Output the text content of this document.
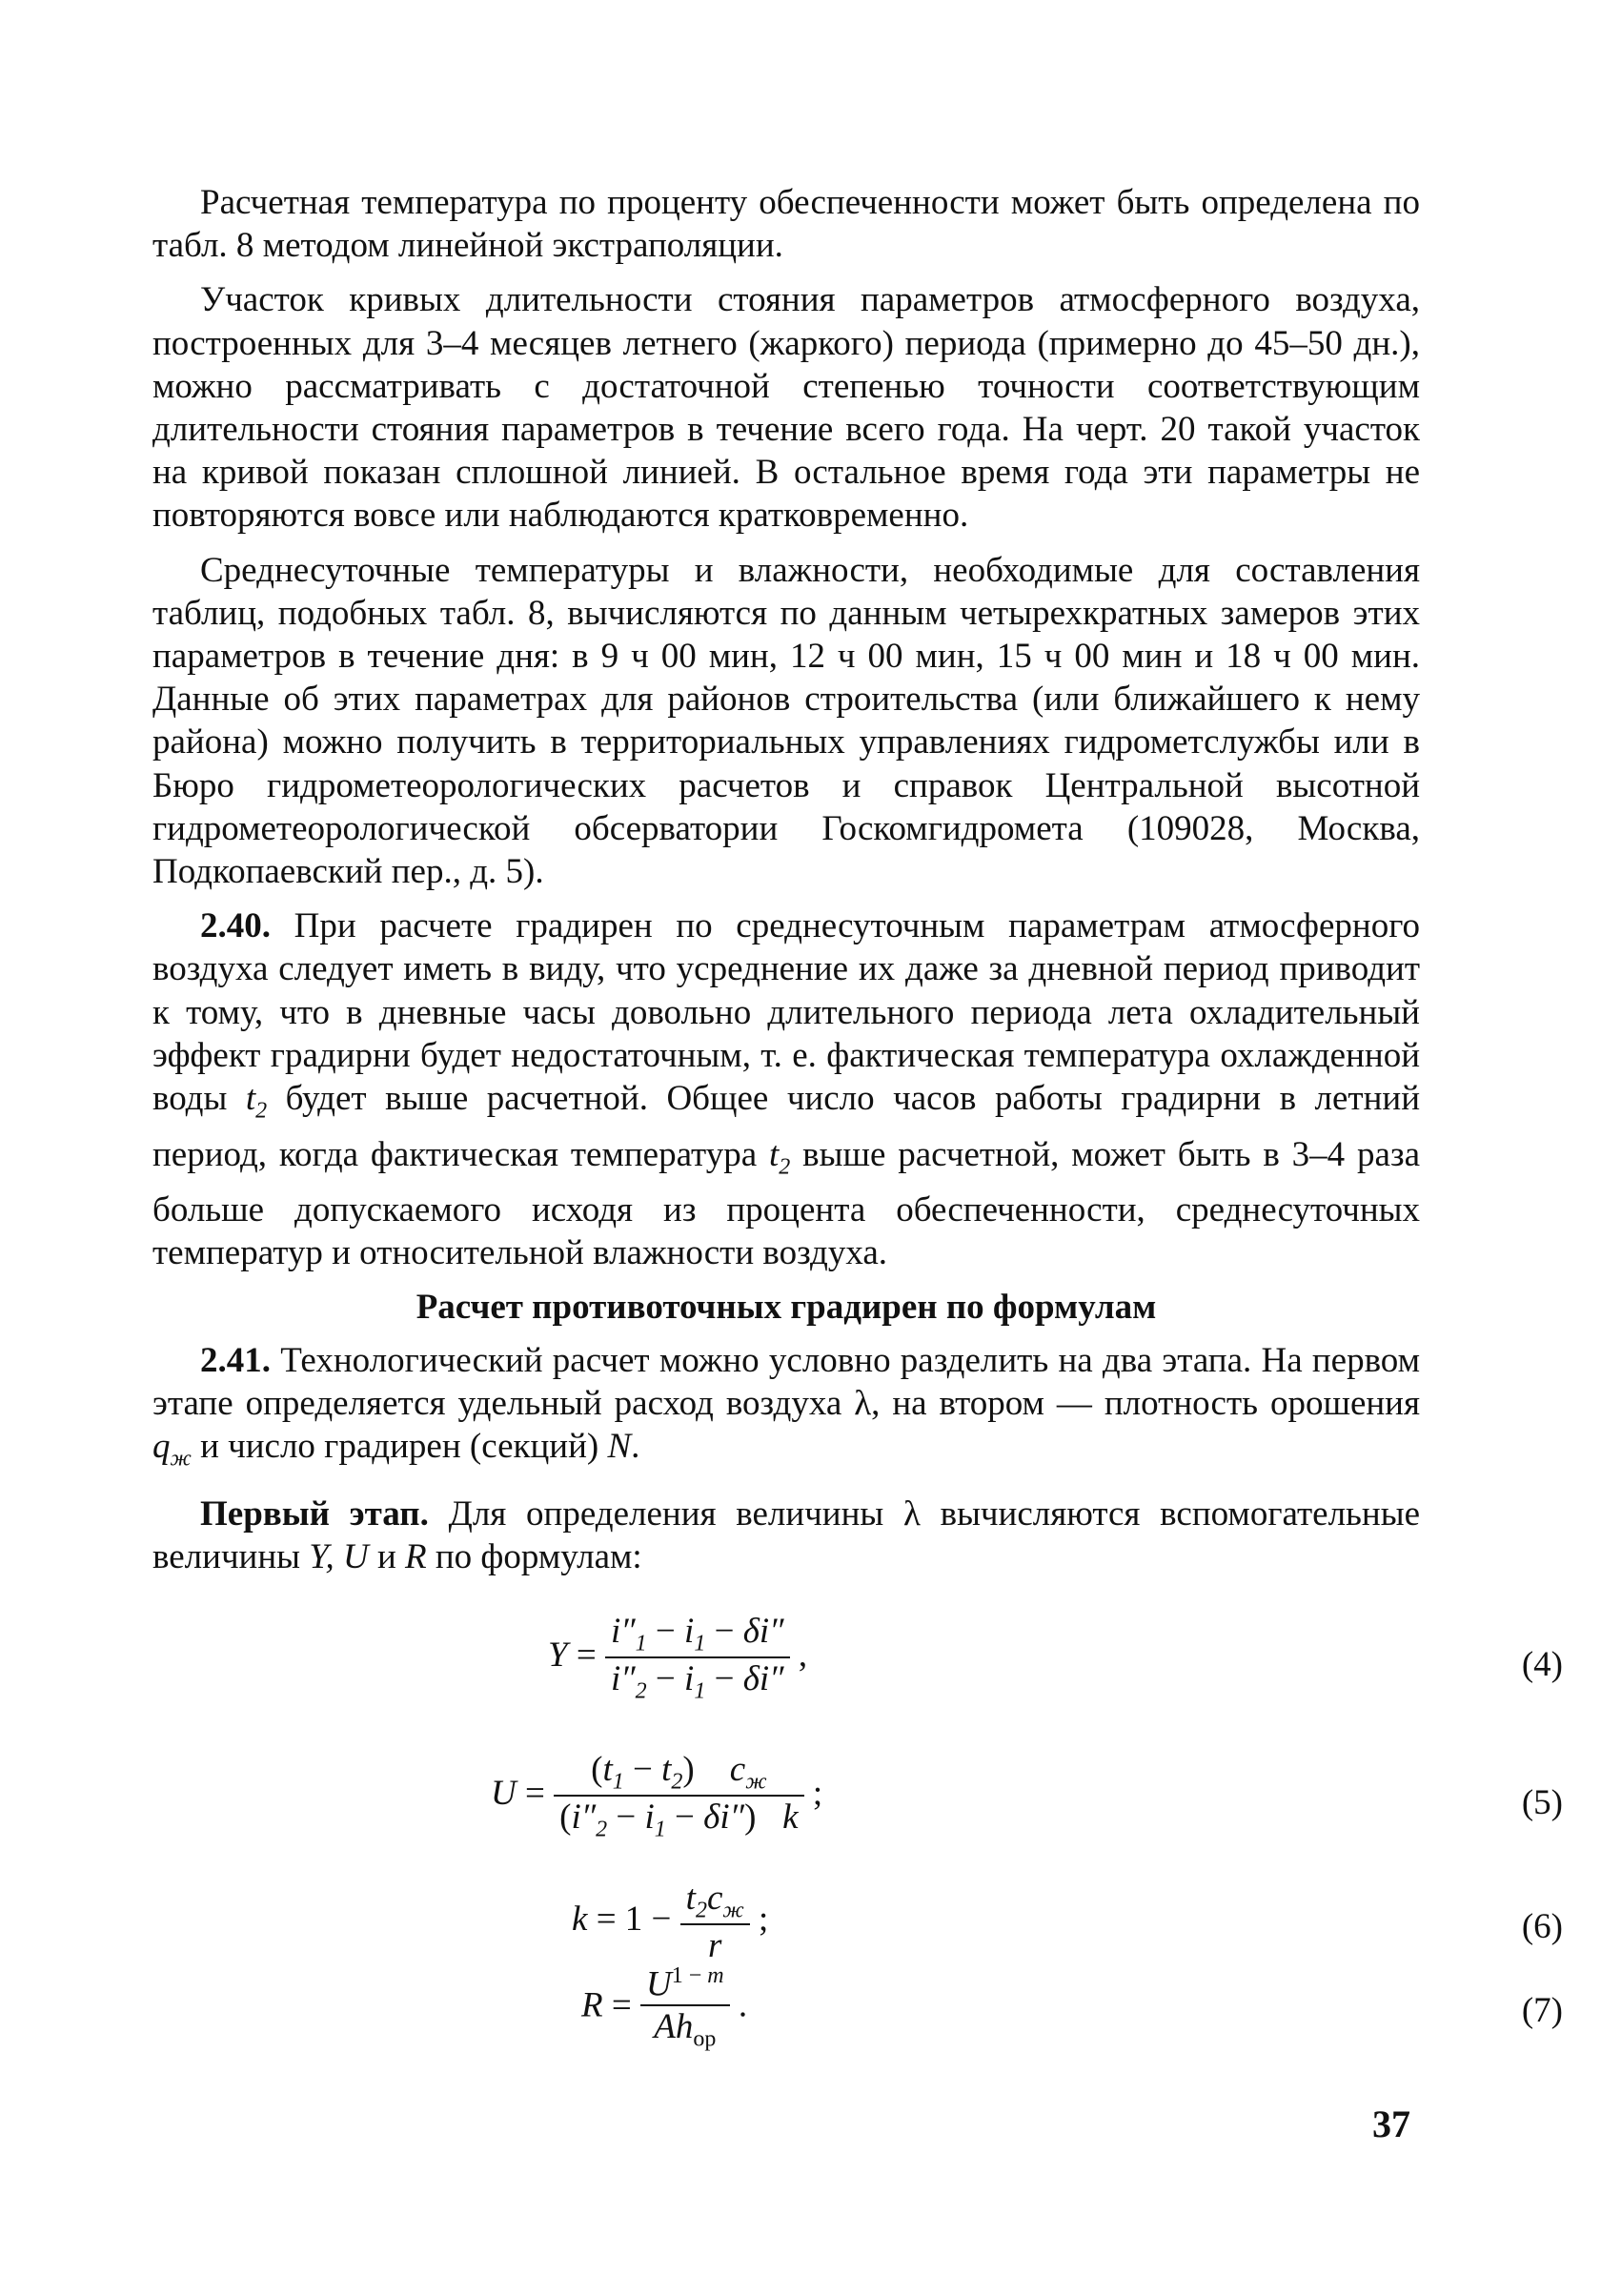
Расчетная температура по проценту обеспеченности может быть определена по табл. 8 методом линейной экстраполяции.

Участок кривых длительности стояния параметров атмосферного воздуха, построенных для 3–4 месяцев летнего (жаркого) периода (примерно до 45–50 дн.), можно рассматривать с достаточной степенью точности соответствующим длительности стояния параметров в течение всего года. На черт. 20 такой участок на кривой показан сплошной линией. В остальное время года эти параметры не повторяются вовсе или наблюдаются кратковременно.

Среднесуточные температуры и влажности, необходимые для составления таблиц, подобных табл. 8, вычисляются по данным четырехкратных замеров этих параметров в течение дня: в 9 ч 00 мин, 12 ч 00 мин, 15 ч 00 мин и 18 ч 00 мин. Данные об этих параметрах для районов строительства (или ближайшего к нему района) можно получить в территориальных управлениях гидрометслужбы или в Бюро гидрометеорологических расчетов и справок Центральной высотной гидрометеорологической обсерватории Госкомгидромета (109028, Москва, Подкопаевский пер., д. 5).

2.40. При расчете градирен по среднесуточным параметрам атмосферного воздуха следует иметь в виду, что усреднение их даже за дневной период приводит к тому, что в дневные часы довольно длительного периода лета охладительный эффект градирни будет недостаточным, т. е. фактическая температура охлажденной воды $t_2$ будет выше расчетной. Общее число часов работы градирни в летний период, когда фактическая температура $t_2$ выше расчетной, может быть в 3–4 раза больше допускаемого исходя из процента обеспеченности, среднесуточных температур и относительной влажности воздуха.

Расчет противоточных градирен по формулам

2.41. Технологический расчет можно условно разделить на два этапа. На первом этапе определяется удельный расход воздуха λ, на втором — плотность орошения $q_ж$ и число градирен (секций) N.

Первый этап. Для определения величины λ вычисляются вспомогательные величины Y, U и R по формулам:

$Y = \frac{i''_1 - i_1 - \delta i''}{i''_2 - i_1 - \delta i''}$ ,	(4)
$U = \frac{(t_1 - t_2) c_ж}{(i''_2 - i_1 - \delta i'') k}$ ;	(5)
$k = 1 - \frac{t_2c_ж}{r}$ ;	(6)
$R = \frac{U^{1 -} ^m}{Ah_{op}}$ .	(7)
37
